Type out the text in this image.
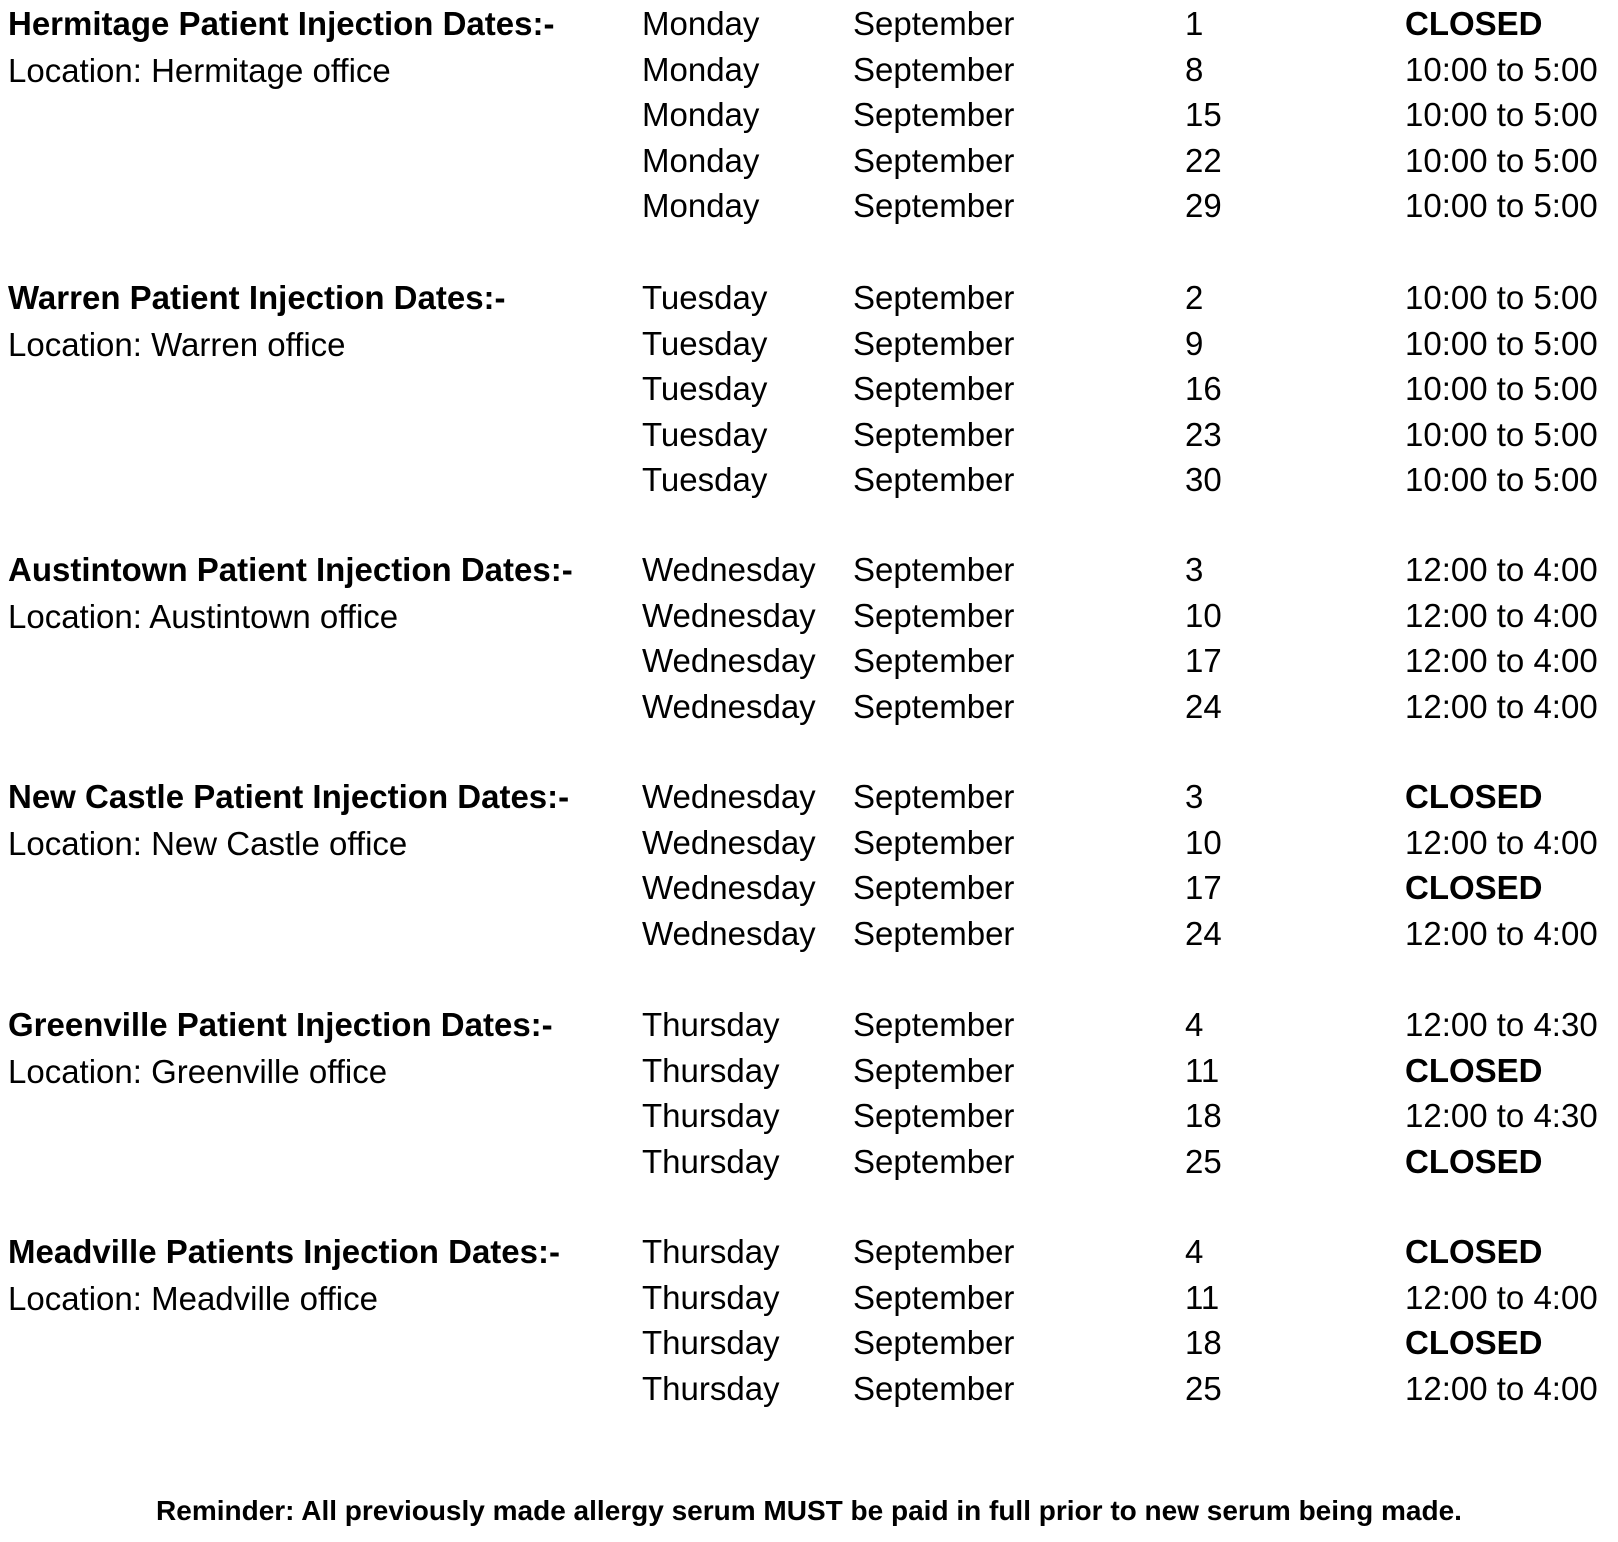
Hermitage Patient Injection Dates:-
Location: Hermitage office
Monday	September	1	CLOSED
Monday	September	8	10:00 to 5:00
Monday	September	15	10:00 to 5:00
Monday	September	22	10:00 to 5:00
Monday	September	29	10:00 to 5:00
Warren Patient Injection Dates:-
Location: Warren office
Tuesday	September	2	10:00 to 5:00
Tuesday	September	9	10:00 to 5:00
Tuesday	September	16	10:00 to 5:00
Tuesday	September	23	10:00 to 5:00
Tuesday	September	30	10:00 to 5:00
Austintown Patient Injection Dates:-
Location: Austintown office
Wednesday September	3	12:00 to 4:00
Wednesday September	10	12:00 to 4:00
Wednesday September	17	12:00 to 4:00
Wednesday September	24	12:00 to 4:00
New Castle Patient Injection Dates:-
Location: New Castle office
Wednesday September	3	CLOSED
Wednesday September	10	12:00 to 4:00
Wednesday September	17	CLOSED
Wednesday September	24	12:00 to 4:00
Greenville Patient Injection Dates:-
Location: Greenville office
Thursday September	4	12:00 to 4:30
Thursday September	11	CLOSED
Thursday September	18	12:00 to 4:30
Thursday September	25	CLOSED
Meadville Patients Injection Dates:-
Location: Meadville office
Thursday September	4	CLOSED
Thursday September	11	12:00 to 4:00
Thursday September	18	CLOSED
Thursday September	25	12:00 to 4:00
Reminder: All previously made allergy serum MUST be paid in full prior to new serum being made.
